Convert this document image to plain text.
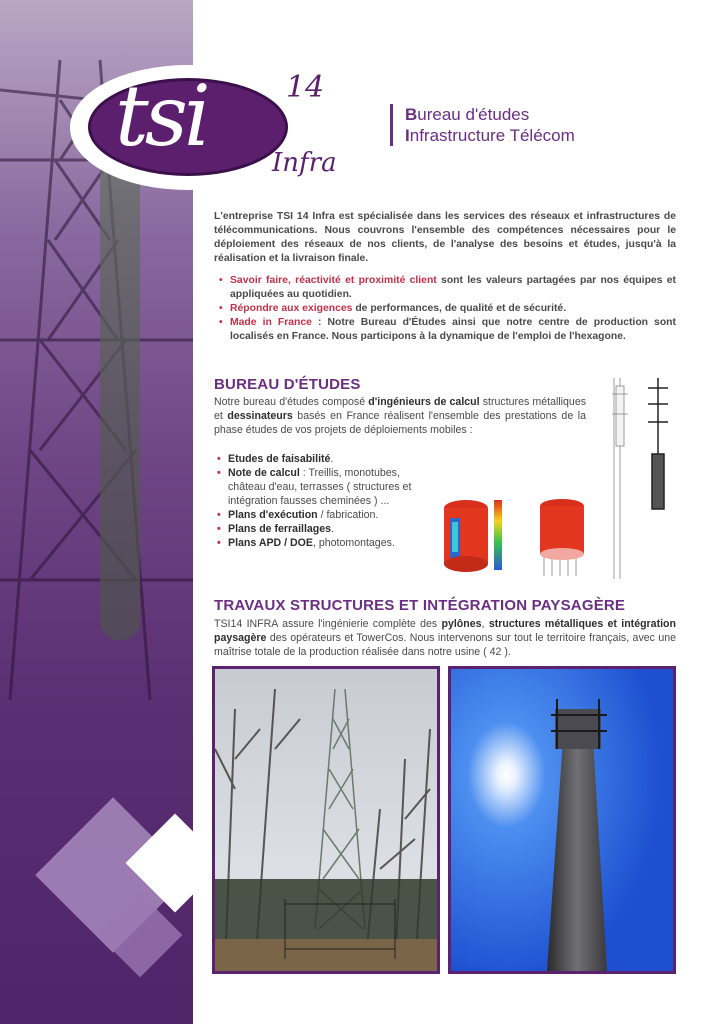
tsi	14
Infra
Bureau d'études
Infrastructure Télécom

L'entreprise TSI 14 Infra est spécialisée dans les services des réseaux et infrastructures de télécommunications. Nous couvrons l'ensemble des compétences nécessaires pour le déploiement des réseaux de nos clients, de l'analyse des besoins et études, jusqu'à la réalisation et la livraison finale.

• Savoir faire, réactivité et proximité client sont les valeurs partagées par nos équipes et appliquées au quotidien.
• Répondre aux exigences de performances, de qualité et de sécurité.
• Made in France : Notre Bureau d'Études ainsi que notre centre de production sont localisés en France. Nous participons à la dynamique de l'emploi de l'hexagone.
BUREAU D'ÉTUDES

Notre bureau d'études composé d'ingénieurs de calcul structures métalliques et dessinateurs basés en France réalisent l'ensemble des prestations de la phase études de vos projets de déploiements mobiles :

• Etudes de faisabilité.
• Note de calcul : Treillis, monotubes, château d'eau, terrasses ( structures et intégration fausses cheminées ) ...
• Plans d'exécution / fabrication.
• Plans de ferraillages.
• Plans APD / DOE, photomontages.
TRAVAUX STRUCTURES ET INTÉGRATION PAYSAGÈRE

TSI14 INFRA assure l'ingénierie complète des pylônes, structures métalliques et intégration paysagère des opérateurs et TowerCos. Nous intervenons sur tout le territoire français, avec une maîtrise totale de la production réalisée dans notre usine ( 42 ).
